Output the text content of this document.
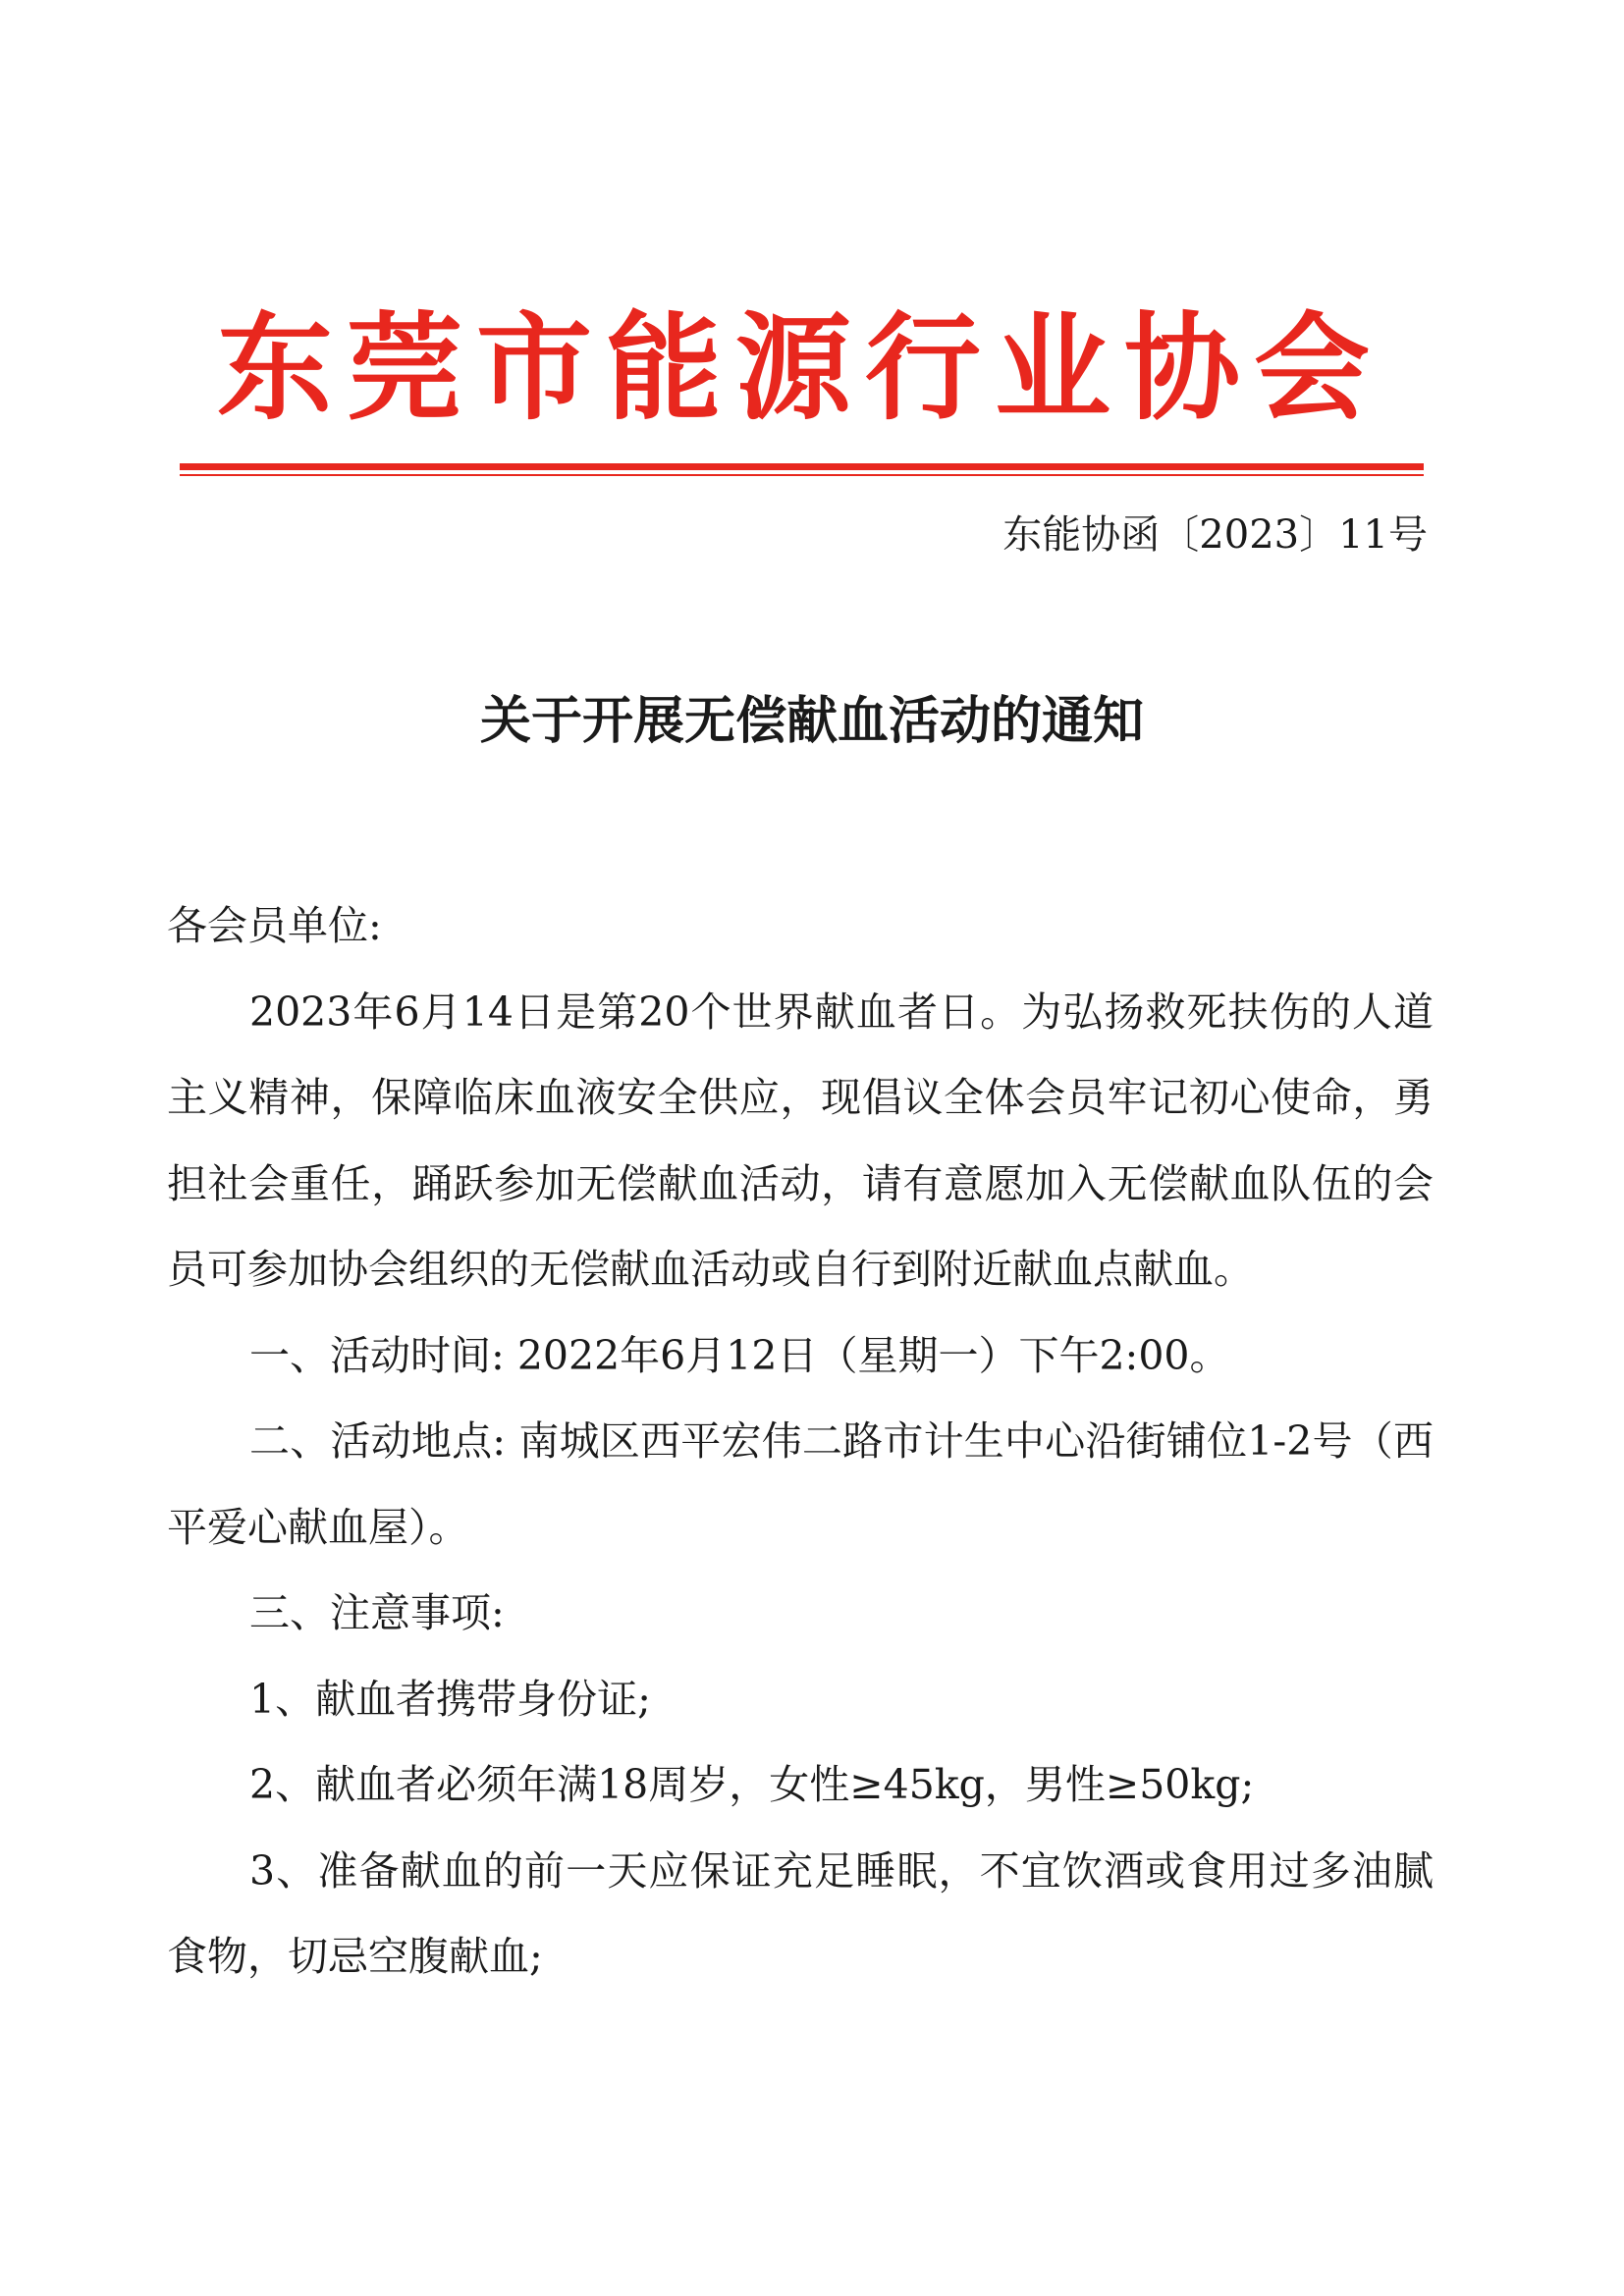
东莞市能源行业协会
东能协函〔2023〕11号
关于开展无偿献血活动的通知

各会员单位:

2023年6月14日是第20个世界献血者日。为弘扬救死扶伤的人道主义精神，保障临床血液安全供应，现倡议全体会员牢记初心使命，勇担社会重任，踊跃参加无偿献血活动，请有意愿加入无偿献血队伍的会员可参加协会组织的无偿献血活动或自行到附近献血点献血。

一、活动时间: 2022年6月12日（星期一）下午2:00。

二、活动地点: 南城区西平宏伟二路市计生中心沿街铺位1-2号（西平爱心献血屋）。

三、注意事项:

1、献血者携带身份证;

2、献血者必须年满18周岁，女性≥45kg，男性≥50kg;

3、准备献血的前一天应保证充足睡眠，不宜饮酒或食用过多油腻食物，切忌空腹献血;
